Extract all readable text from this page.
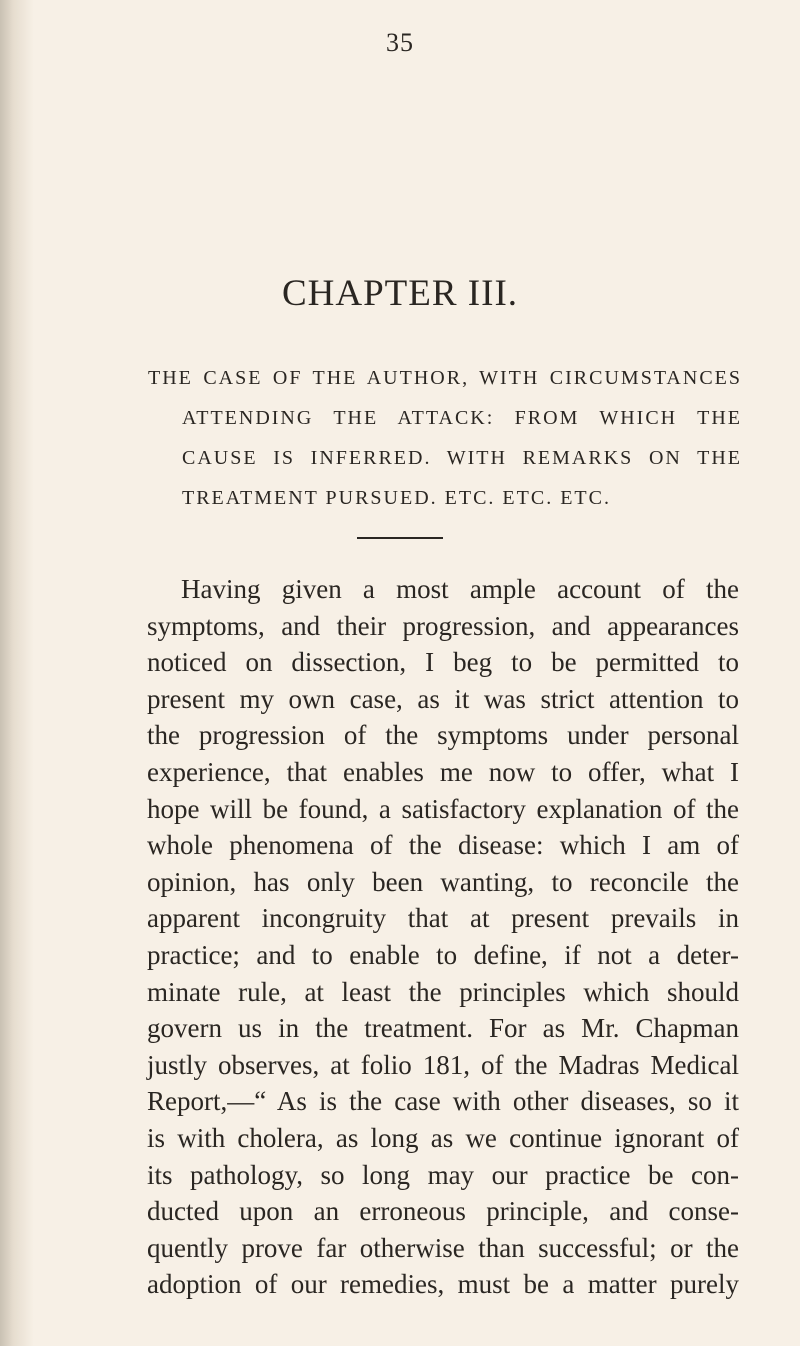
35
CHAPTER III.
THE CASE OF THE AUTHOR, WITH CIRCUMSTANCES
ATTENDING THE ATTACK: FROM WHICH THE
CAUSE IS INFERRED. WITH REMARKS ON THE
TREATMENT PURSUED. ETC. ETC. ETC.
Having given a most ample account of the
symptoms, and their progression, and appearances
noticed on dissection, I beg to be permitted to
present my own case, as it was strict attention to
the progression of the symptoms under personal
experience, that enables me now to offer, what I
hope will be found, a satisfactory explanation of the
whole phenomena of the disease: which I am of
opinion, has only been wanting, to reconcile the
apparent incongruity that at present prevails in
practice; and to enable to define, if not a deter-
minate rule, at least the principles which should
govern us in the treatment. For as Mr. Chapman
justly observes, at folio 181, of the Madras Medical
Report,—“ As is the case with other diseases, so it
is with cholera, as long as we continue ignorant of
its pathology, so long may our practice be con-
ducted upon an erroneous principle, and conse-
quently prove far otherwise than successful; or the
adoption of our remedies, must be a matter purely
